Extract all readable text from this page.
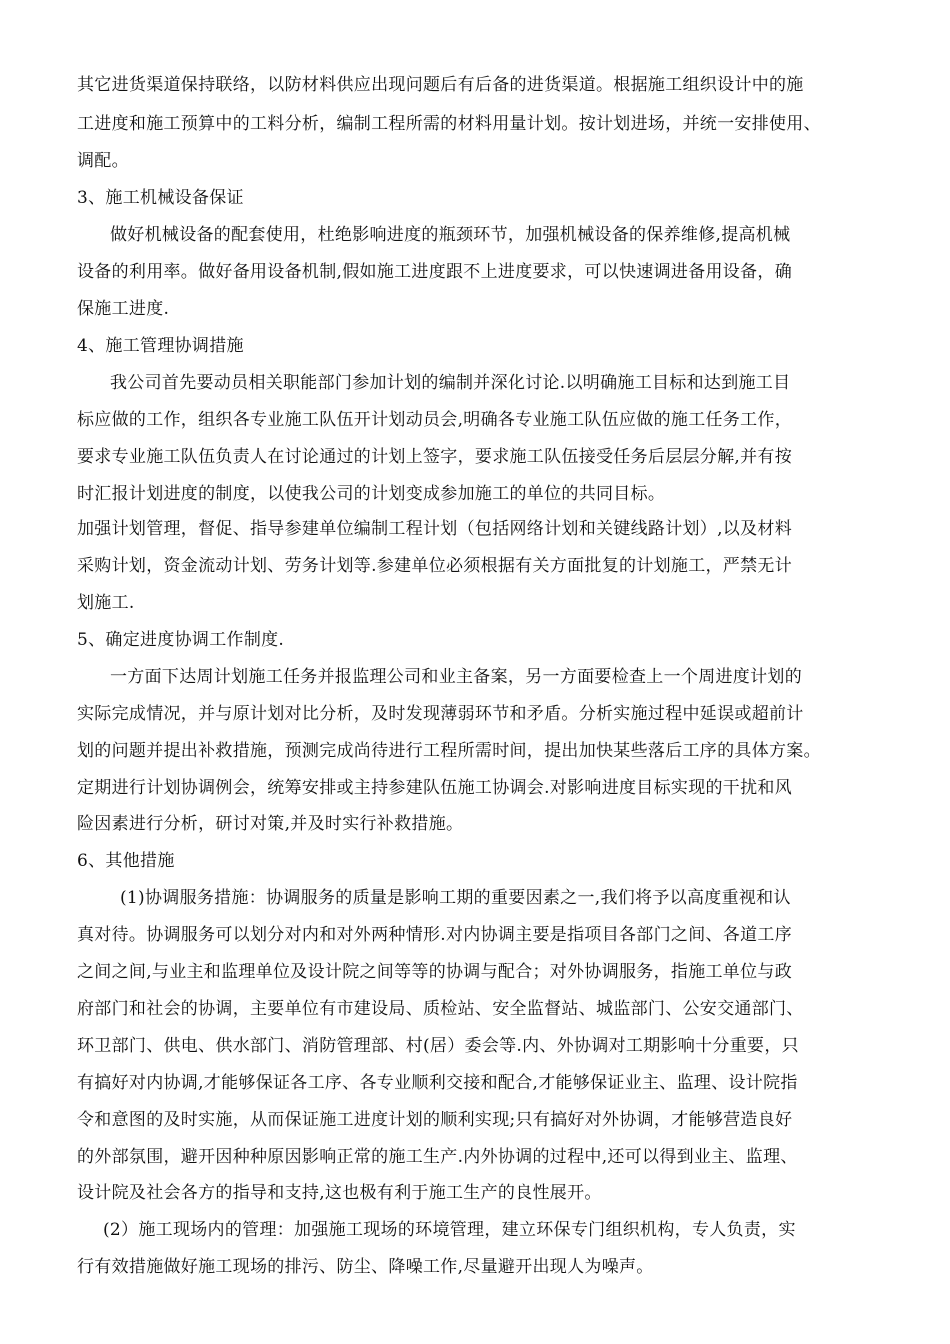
其它进货渠道保持联络，以防材料供应出现问题后有后备的进货渠道。根据施工组织设计中的施
工进度和施工预算中的工料分析，编制工程所需的材料用量计划。按计划进场，并统一安排使用、
调配。
3、施工机械设备保证
做好机械设备的配套使用，杜绝影响进度的瓶颈环节，加强机械设备的保养维修,提高机械
设备的利用率。做好备用设备机制,假如施工进度跟不上进度要求，可以快速调进备用设备，确
保施工进度.
4、施工管理协调措施
我公司首先要动员相关职能部门参加计划的编制并深化讨论.以明确施工目标和达到施工目
标应做的工作，组织各专业施工队伍开计划动员会,明确各专业施工队伍应做的施工任务工作，
要求专业施工队伍负责人在讨论通过的计划上签字，要求施工队伍接受任务后层层分解,并有按
时汇报计划进度的制度，以使我公司的计划变成参加施工的单位的共同目标。
加强计划管理，督促、指导参建单位编制工程计划（包括网络计划和关键线路计划）,以及材料
采购计划，资金流动计划、劳务计划等.参建单位必须根据有关方面批复的计划施工，严禁无计
划施工.
5、确定进度协调工作制度.
一方面下达周计划施工任务并报监理公司和业主备案，另一方面要检查上一个周进度计划的
实际完成情况，并与原计划对比分析，及时发现薄弱环节和矛盾。分析实施过程中延误或超前计
划的问题并提出补救措施，预测完成尚待进行工程所需时间，提出加快某些落后工序的具体方案。
定期进行计划协调例会，统筹安排或主持参建队伍施工协调会.对影响进度目标实现的干扰和风
险因素进行分析，研讨对策,并及时实行补救措施。
6、其他措施
(1)协调服务措施：协调服务的质量是影响工期的重要因素之一,我们将予以高度重视和认
真对待。协调服务可以划分对内和对外两种情形.对内协调主要是指项目各部门之间、各道工序
之间之间,与业主和监理单位及设计院之间等等的协调与配合；对外协调服务，指施工单位与政
府部门和社会的协调，主要单位有市建设局、质检站、安全监督站、城监部门、公安交通部门、
环卫部门、供电、供水部门、消防管理部、村(居）委会等.内、外协调对工期影响十分重要，只
有搞好对内协调,才能够保证各工序、各专业顺利交接和配合,才能够保证业主、监理、设计院指
令和意图的及时实施，从而保证施工进度计划的顺利实现;只有搞好对外协调，才能够营造良好
的外部氛围，避开因种种原因影响正常的施工生产.内外协调的过程中,还可以得到业主、监理、
设计院及社会各方的指导和支持,这也极有利于施工生产的良性展开。
(2）施工现场内的管理：加强施工现场的环境管理，建立环保专门组织机构，专人负责，实
行有效措施做好施工现场的排污、防尘、降噪工作,尽量避开出现人为噪声。
